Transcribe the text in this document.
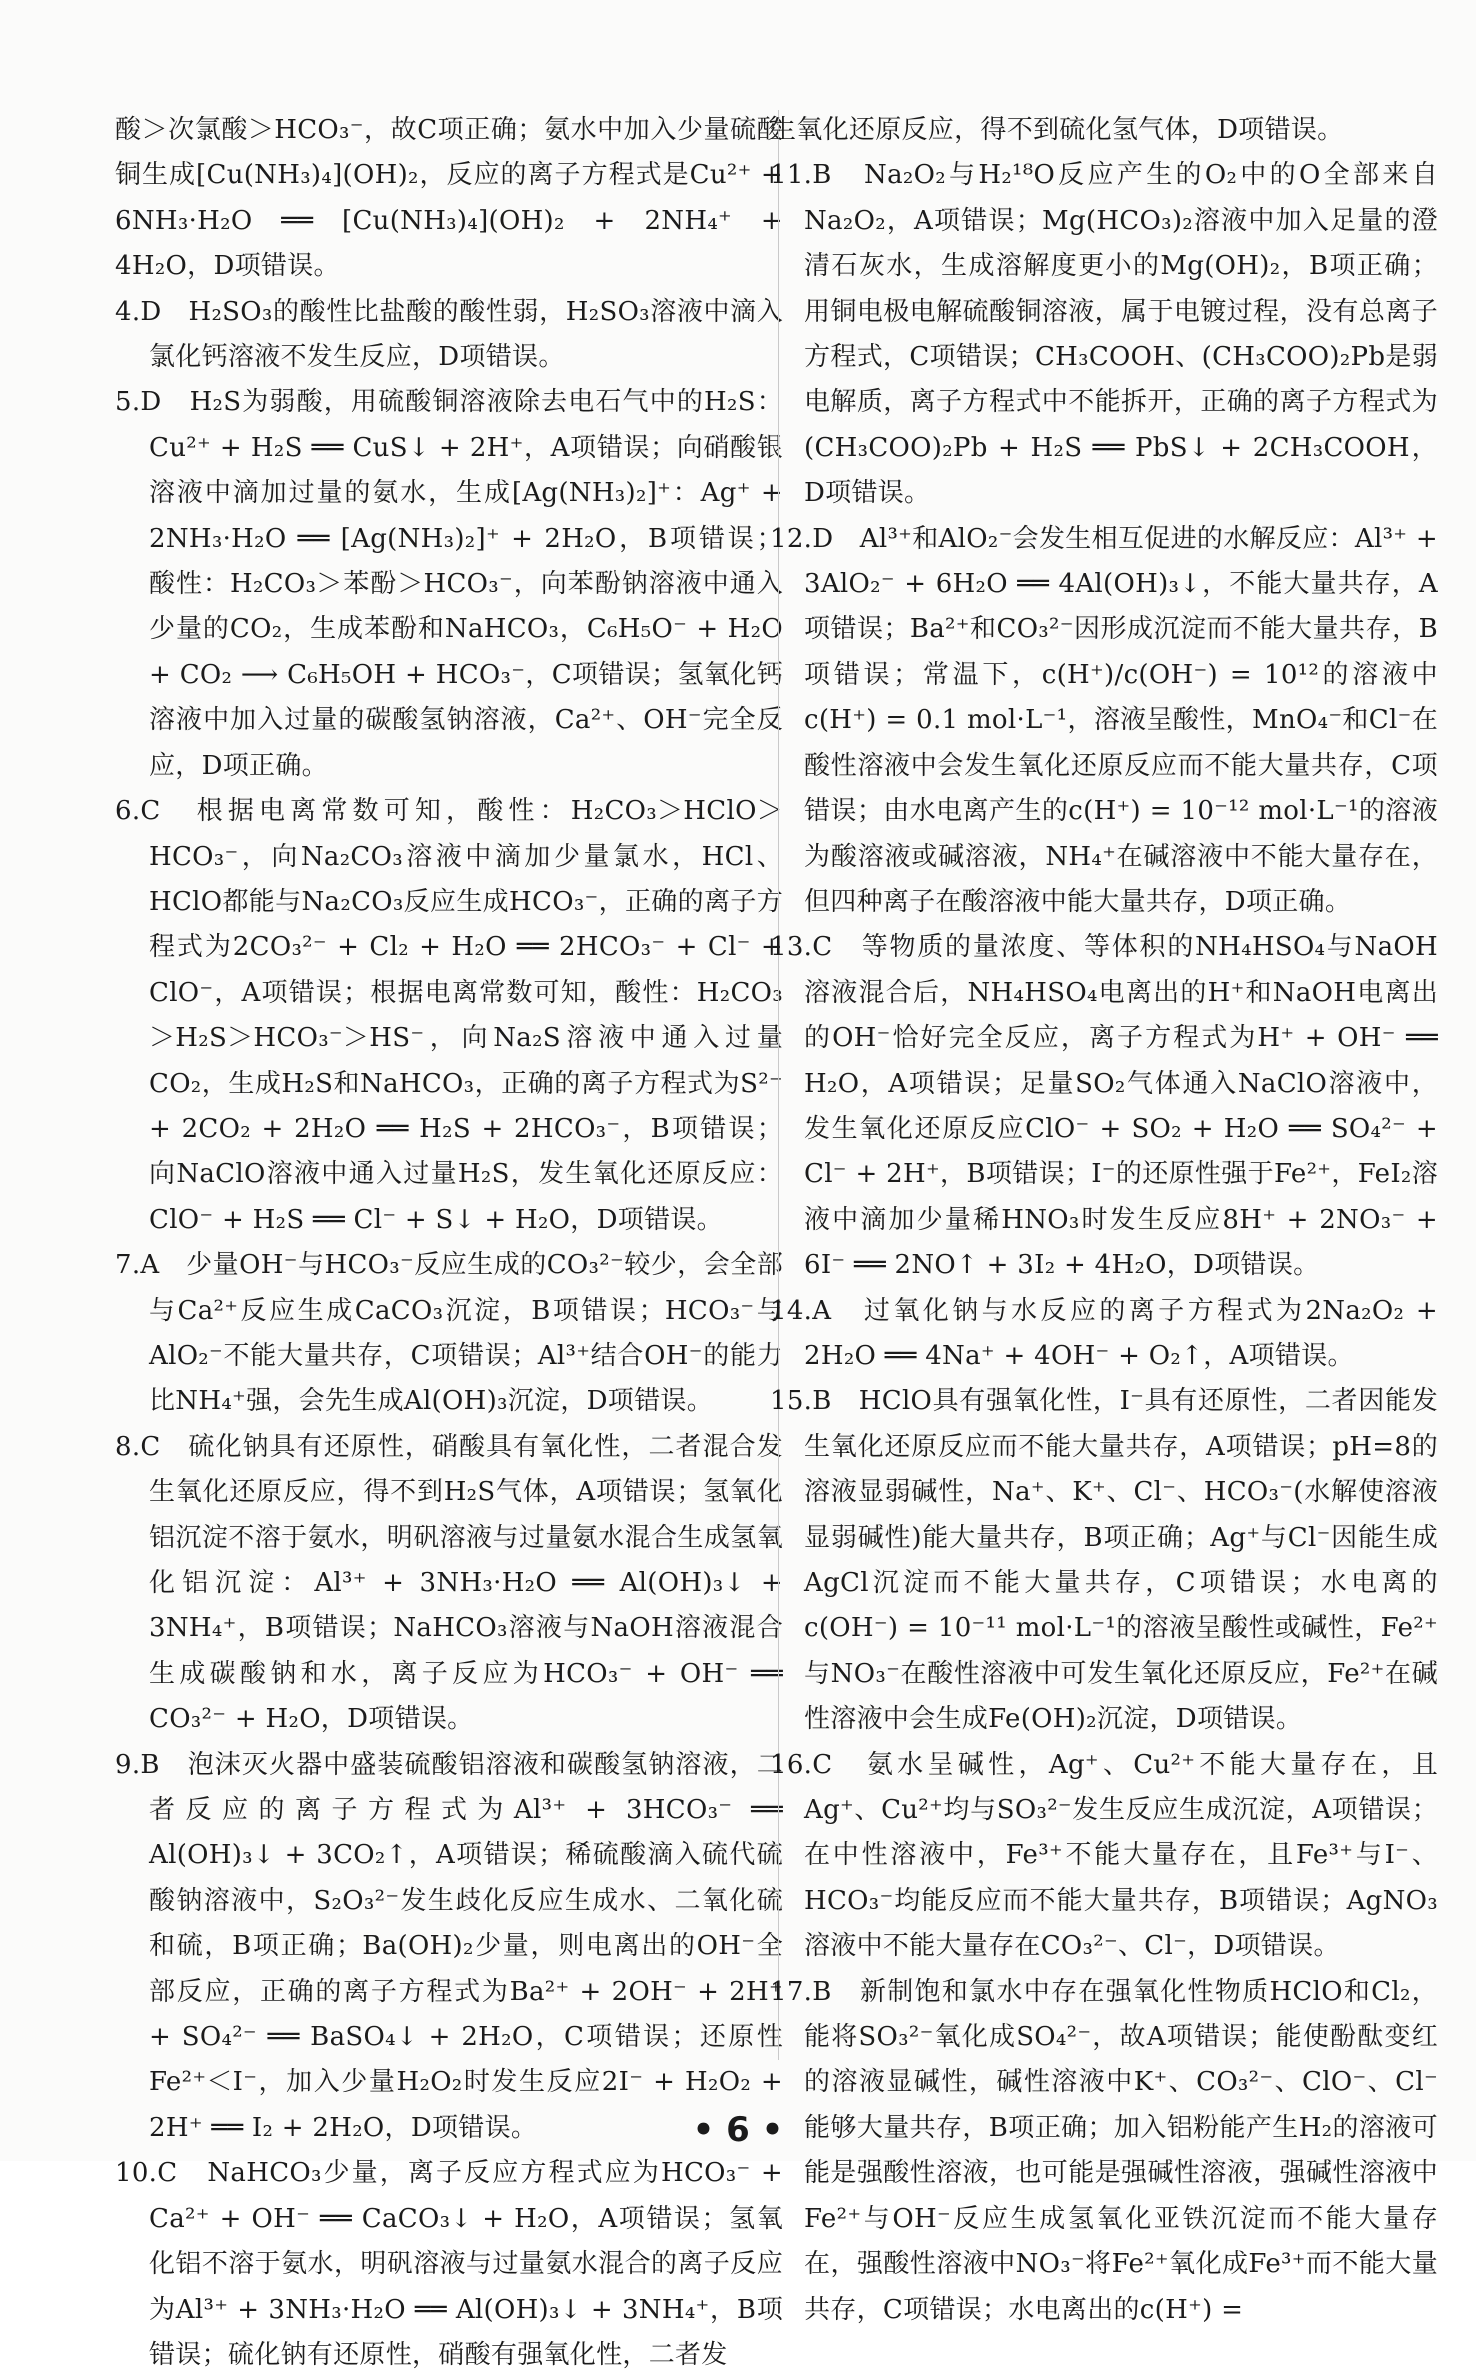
酸＞次氯酸＞HCO₃⁻，故C项正确；氨水中加入少量硫酸铜生成[Cu(NH₃)₄](OH)₂，反应的离子方程式是Cu²⁺ + 6NH₃·H₂O ══ [Cu(NH₃)₄](OH)₂ + 2NH₄⁺ + 4H₂O，D项错误。

4.D　H₂SO₃的酸性比盐酸的酸性弱，H₂SO₃溶液中滴入氯化钙溶液不发生反应，D项错误。

5.D　H₂S为弱酸，用硫酸铜溶液除去电石气中的H₂S：Cu²⁺ + H₂S ══ CuS↓ + 2H⁺，A项错误；向硝酸银溶液中滴加过量的氨水，生成[Ag(NH₃)₂]⁺：Ag⁺ + 2NH₃·H₂O ══ [Ag(NH₃)₂]⁺ + 2H₂O，B项错误；酸性：H₂CO₃＞苯酚＞HCO₃⁻，向苯酚钠溶液中通入少量的CO₂，生成苯酚和NaHCO₃，C₆H₅O⁻ + H₂O + CO₂ ⟶ C₆H₅OH + HCO₃⁻，C项错误；氢氧化钙溶液中加入过量的碳酸氢钠溶液，Ca²⁺、OH⁻完全反应，D项正确。

6.C　根据电离常数可知，酸性：H₂CO₃＞HClO＞HCO₃⁻，向Na₂CO₃溶液中滴加少量氯水，HCl、HClO都能与Na₂CO₃反应生成HCO₃⁻，正确的离子方程式为2CO₃²⁻ + Cl₂ + H₂O ══ 2HCO₃⁻ + Cl⁻ + ClO⁻，A项错误；根据电离常数可知，酸性：H₂CO₃＞H₂S＞HCO₃⁻＞HS⁻，向Na₂S溶液中通入过量CO₂，生成H₂S和NaHCO₃，正确的离子方程式为S²⁻ + 2CO₂ + 2H₂O ══ H₂S + 2HCO₃⁻，B项错误；向NaClO溶液中通入过量H₂S，发生氧化还原反应：ClO⁻ + H₂S ══ Cl⁻ + S↓ + H₂O，D项错误。

7.A　少量OH⁻与HCO₃⁻反应生成的CO₃²⁻较少，会全部与Ca²⁺反应生成CaCO₃沉淀，B项错误；HCO₃⁻与AlO₂⁻不能大量共存，C项错误；Al³⁺结合OH⁻的能力比NH₄⁺强，会先生成Al(OH)₃沉淀，D项错误。

8.C　硫化钠具有还原性，硝酸具有氧化性，二者混合发生氧化还原反应，得不到H₂S气体，A项错误；氢氧化铝沉淀不溶于氨水，明矾溶液与过量氨水混合生成氢氧化铝沉淀：Al³⁺ + 3NH₃·H₂O ══ Al(OH)₃↓ + 3NH₄⁺，B项错误；NaHCO₃溶液与NaOH溶液混合生成碳酸钠和水，离子反应为HCO₃⁻ + OH⁻ ══ CO₃²⁻ + H₂O，D项错误。

9.B　泡沫灭火器中盛装硫酸铝溶液和碳酸氢钠溶液，二者反应的离子方程式为Al³⁺ + 3HCO₃⁻ ══ Al(OH)₃↓ + 3CO₂↑，A项错误；稀硫酸滴入硫代硫酸钠溶液中，S₂O₃²⁻发生歧化反应生成水、二氧化硫和硫，B项正确；Ba(OH)₂少量，则电离出的OH⁻全部反应，正确的离子方程式为Ba²⁺ + 2OH⁻ + 2H⁺ + SO₄²⁻ ══ BaSO₄↓ + 2H₂O，C项错误；还原性Fe²⁺＜I⁻，加入少量H₂O₂时发生反应2I⁻ + H₂O₂ + 2H⁺ ══ I₂ + 2H₂O，D项错误。

10.C　NaHCO₃少量，离子反应方程式应为HCO₃⁻ + Ca²⁺ + OH⁻ ══ CaCO₃↓ + H₂O，A项错误；氢氧化铝不溶于氨水，明矾溶液与过量氨水混合的离子反应为Al³⁺ + 3NH₃·H₂O ══ Al(OH)₃↓ + 3NH₄⁺，B项错误；硫化钠有还原性，硝酸有强氧化性，二者发

生氧化还原反应，得不到硫化氢气体，D项错误。

11.B　Na₂O₂与H₂¹⁸O反应产生的O₂中的O全部来自Na₂O₂，A项错误；Mg(HCO₃)₂溶液中加入足量的澄清石灰水，生成溶解度更小的Mg(OH)₂，B项正确；用铜电极电解硫酸铜溶液，属于电镀过程，没有总离子方程式，C项错误；CH₃COOH、(CH₃COO)₂Pb是弱电解质，离子方程式中不能拆开，正确的离子方程式为(CH₃COO)₂Pb + H₂S ══ PbS↓ + 2CH₃COOH，D项错误。

12.D　Al³⁺和AlO₂⁻会发生相互促进的水解反应：Al³⁺ + 3AlO₂⁻ + 6H₂O ══ 4Al(OH)₃↓，不能大量共存，A项错误；Ba²⁺和CO₃²⁻因形成沉淀而不能大量共存，B项错误；常温下，c(H⁺)/c(OH⁻) = 10¹²的溶液中c(H⁺) = 0.1 mol·L⁻¹，溶液呈酸性，MnO₄⁻和Cl⁻在酸性溶液中会发生氧化还原反应而不能大量共存，C项错误；由水电离产生的c(H⁺) = 10⁻¹² mol·L⁻¹的溶液为酸溶液或碱溶液，NH₄⁺在碱溶液中不能大量存在，但四种离子在酸溶液中能大量共存，D项正确。

13.C　等物质的量浓度、等体积的NH₄HSO₄与NaOH溶液混合后，NH₄HSO₄电离出的H⁺和NaOH电离出的OH⁻恰好完全反应，离子方程式为H⁺ + OH⁻ ══ H₂O，A项错误；足量SO₂气体通入NaClO溶液中，发生氧化还原反应ClO⁻ + SO₂ + H₂O ══ SO₄²⁻ + Cl⁻ + 2H⁺，B项错误；I⁻的还原性强于Fe²⁺，FeI₂溶液中滴加少量稀HNO₃时发生反应8H⁺ + 2NO₃⁻ + 6I⁻ ══ 2NO↑ + 3I₂ + 4H₂O，D项错误。

14.A　过氧化钠与水反应的离子方程式为2Na₂O₂ + 2H₂O ══ 4Na⁺ + 4OH⁻ + O₂↑，A项错误。

15.B　HClO具有强氧化性，I⁻具有还原性，二者因能发生氧化还原反应而不能大量共存，A项错误；pH=8的溶液显弱碱性，Na⁺、K⁺、Cl⁻、HCO₃⁻(水解使溶液显弱碱性)能大量共存，B项正确；Ag⁺与Cl⁻因能生成AgCl沉淀而不能大量共存，C项错误；水电离的c(OH⁻) = 10⁻¹¹ mol·L⁻¹的溶液呈酸性或碱性，Fe²⁺与NO₃⁻在酸性溶液中可发生氧化还原反应，Fe²⁺在碱性溶液中会生成Fe(OH)₂沉淀，D项错误。

16.C　氨水呈碱性，Ag⁺、Cu²⁺不能大量存在，且Ag⁺、Cu²⁺均与SO₃²⁻发生反应生成沉淀，A项错误；在中性溶液中，Fe³⁺不能大量存在，且Fe³⁺与I⁻、HCO₃⁻均能反应而不能大量共存，B项错误；AgNO₃溶液中不能大量存在CO₃²⁻、Cl⁻，D项错误。

17.B　新制饱和氯水中存在强氧化性物质HClO和Cl₂，能将SO₃²⁻氧化成SO₄²⁻，故A项错误；能使酚酞变红的溶液显碱性，碱性溶液中K⁺、CO₃²⁻、ClO⁻、Cl⁻能够大量共存，B项正确；加入铝粉能产生H₂的溶液可能是强酸性溶液，也可能是强碱性溶液，强碱性溶液中Fe²⁺与OH⁻反应生成氢氧化亚铁沉淀而不能大量存在，强酸性溶液中NO₃⁻将Fe²⁺氧化成Fe³⁺而不能大量共存，C项错误；水电离出的c(H⁺) =

• 6 •
